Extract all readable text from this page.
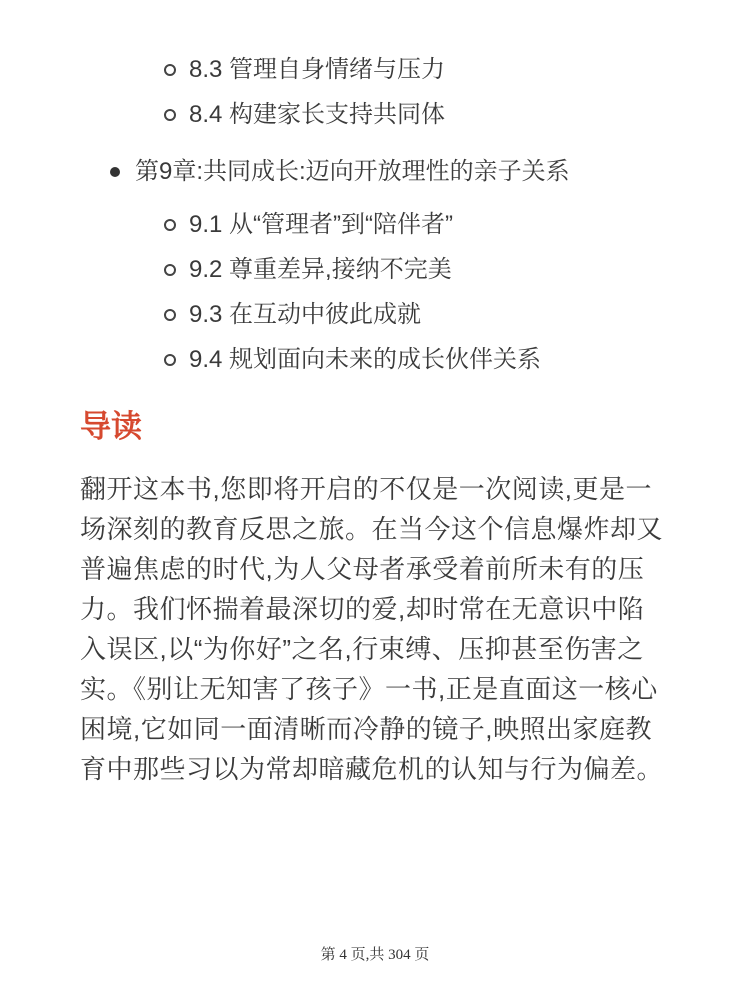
8.3 管理自身情绪与压力
8.4 构建家长支持共同体
第9章:共同成长:迈向开放理性的亲子关系
9.1 从“管理者”到“陪伴者”
9.2 尊重差异,接纳不完美
9.3 在互动中彼此成就
9.4 规划面向未来的成长伙伴关系
导读

翻开这本书,您即将开启的不仅是一次阅读,更是一场深刻的教育反思之旅。在当今这个信息爆炸却又普遍焦虑的时代,为人父母者承受着前所未有的压力。我们怀揣着最深切的爱,却时常在无意识中陷入误区,以“为你好”之名,行束缚、压抑甚至伤害之实。《别让无知害了孩子》一书,正是直面这一核心困境,它如同一面清晰而冷静的镜子,映照出家庭教育中那些习以为常却暗藏危机的认知与行为偏差。

第 4 页,共 304 页
